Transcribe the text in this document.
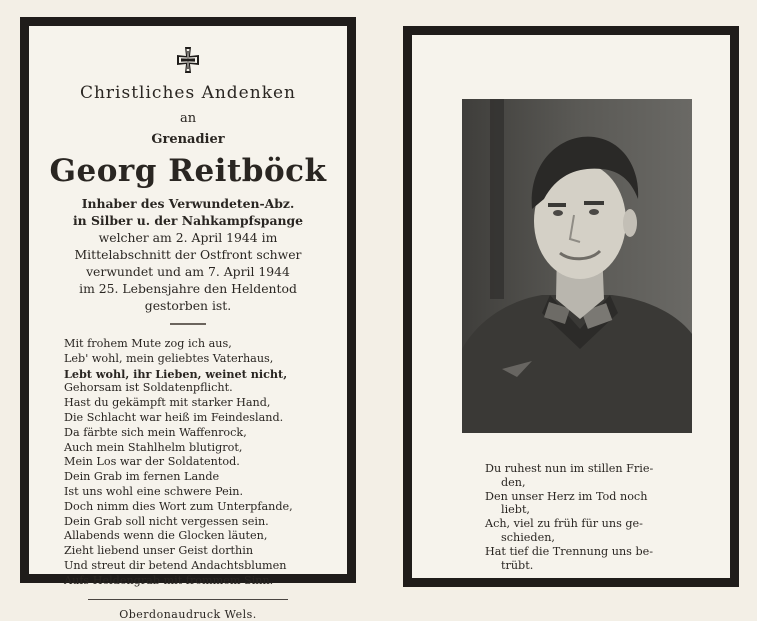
Christliches Andenken
an
Grenadier
Georg Reitböck
Inhaber des Verwundeten-Abz.
in Silber u. der Nahkampfspange
welcher am 2. April 1944 im
Mittelabschnitt der Ostfront schwer
verwundet und am 7. April 1944
im 25. Lebensjahre den Heldentod
gestorben ist.
Mit frohem Mute zog ich aus,
Leb' wohl, mein geliebtes Vaterhaus,
Lebt wohl, ihr Lieben, weinet nicht,
Gehorsam ist Soldatenpflicht.
Hast du gekämpft mit starker Hand,
Die Schlacht war heiß im Feindesland.
Da färbte sich mein Waffenrock,
Auch mein Stahlhelm blutigrot,
Mein Los war der Soldatentod.
Dein Grab im fernen Lande
Ist uns wohl eine schwere Pein.
Doch nimm dies Wort zum Unterpfande,
Dein Grab soll nicht vergessen sein.
Allabends wenn die Glocken läuten,
Zieht liebend unser Geist dorthin
Und streut dir betend Andachtsblumen
Aufs Heldengrab mit frommem Sinn.
Oberdonaudruck Wels.
Du ruhest nun im stillen Frie-
den,
Den unser Herz im Tod noch
liebt,
Ach, viel zu früh für uns ge-
schieden,
Hat tief die Trennung uns be-
trübt.
